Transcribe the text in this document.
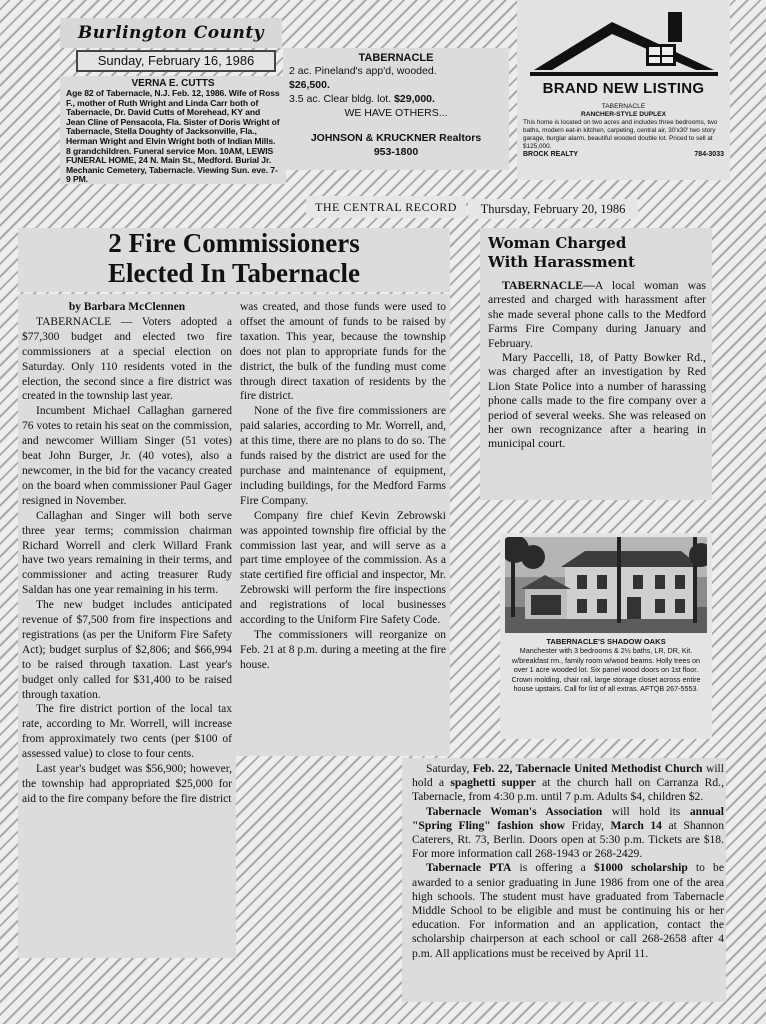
Burlington County
Sunday, February 16, 1986
VERNA E. CUTTS

Age 82 of Tabernacle, N.J. Feb. 12, 1986. Wife of Ross F., mother of Ruth Wright and Linda Carr both of Tabernacle, Dr. David Cutts of Morehead, KY and Jean Cline of Pensacola, Fla. Sister of Doris Wright of Tabernacle, Stella Doughty of Jacksonville, Fla., Herman Wright and Elvin Wright both of Indian Mills. 8 grandchildren. Funeral service Mon. 10AM, LEWIS FUNERAL HOME, 24 N. Main St., Medford. Burial Jr. Mechanic Cemetery, Tabernacle. Viewing Sun. eve. 7-9 PM.

TABERNACLE
2 ac. Pineland's app'd, wooded.
$26,500.
3.5 ac. Clear bldg. lot. $29,000.
WE HAVE OTHERS...
JOHNSON & KRUCKNER Realtors
953-1800
BRAND NEW LISTING
TABERNACLE
RANCHER-STYLE DUPLEX
This home is located on two acres and includes three bedrooms, two baths, modern eat-in kitchen, carpeting, central air, 30'x30' two story garage, burglar alarm, beautiful wooded double lot. Priced to sell at $125,000.
BROCK REALTY	784-3033
THE CENTRAL RECORD	Thursday, February 20, 1986
2 Fire Commissioners
Elected In Tabernacle

by Barbara McClennen

TABERNACLE — Voters adopted a $77,300 budget and elected two fire commissioners at a special election on Saturday. Only 110 residents voted in the election, the second since a fire district was created in the township last year.

Incumbent Michael Callaghan garnered 76 votes to retain his seat on the commission, and newcomer William Singer (51 votes) beat John Burger, Jr. (40 votes), also a newcomer, in the bid for the vacancy created on the board when commissioner Paul Gager resigned in November.

Callaghan and Singer will both serve three year terms; commission chairman Richard Worrell and clerk Willard Frank have two years remaining in their terms, and commissioner and acting treasurer Rudy Saldan has one year remaining in his term.

The new budget includes anticipated revenue of $7,500 from fire inspections and registrations (as per the Uniform Fire Safety Act); budget surplus of $2,806; and $66,994 to be raised through taxation. Last year's budget only called for $31,400 to be raised through taxation.

The fire district portion of the local tax rate, according to Mr. Worrell, will increase from approximately two cents (per $100 of assessed value) to close to four cents.

Last year's budget was $56,900; however, the township had appropriated $25,000 for aid to the fire company before the fire district

was created, and those funds were used to offset the amount of funds to be raised by taxation. This year, because the township does not plan to appropriate funds for the district, the bulk of the funding must come through direct taxation of residents by the fire district.

None of the five fire commissioners are paid salaries, according to Mr. Worrell, and, at this time, there are no plans to do so. The funds raised by the district are used for the purchase and maintenance of equipment, including buildings, for the Medford Farms Fire Company.

Company fire chief Kevin Zebrowski was appointed township fire official by the commission last year, and will serve as a part time employee of the commission. As a state certified fire official and inspector, Mr. Zebrowski will perform the fire inspections and registrations of local businesses according to the Uniform Fire Safety Code.

The commissioners will reorganize on Feb. 21 at 8 p.m. during a meeting at the fire house.

Woman Charged
With Harassment

TABERNACLE—A local woman was arrested and charged with harassment after she made several phone calls to the Medford Farms Fire Company during January and February.

Mary Paccelli, 18, of Patty Bowker Rd., was charged after an investigation by Red Lion State Police into a number of harassing phone calls made to the fire company over a period of several weeks. She was released on her own recognizance after a hearing in municipal court.

TABERNACLE'S SHADOW OAKS
Manchester with 3 bedrooms & 2½ baths, LR, DR, Kit. w/breakfast rm., family room w/wood beams. Holly trees on over 1 acre wooded lot. Six panel wood doors on 1st floor. Crown molding, chair rail, large storage closet across entire house upstairs. Call for list of all extras. AFTQB 267-5553.

Saturday, Feb. 22, Tabernacle United Methodist Church will hold a spaghetti supper at the church hall on Carranza Rd., Tabernacle, from 4:30 p.m. until 7 p.m. Adults $4, children $2.

Tabernacle Woman's Association will hold its annual "Spring Fling" fashion show Friday, March 14 at Shannon Caterers, Rt. 73, Berlin. Doors open at 5:30 p.m. Tickets are $18. For more information call 268-1943 or 268-2429.

Tabernacle PTA is offering a $1000 scholarship to be awarded to a senior graduating in June 1986 from one of the area high schools. The student must have graduated from Tabernacle Middle School to be eligible and must be continuing his or her education. For information and an application, contact the scholarship chairperson at each school or call 268-2658 after 4 p.m. All applications must be received by April 11.
